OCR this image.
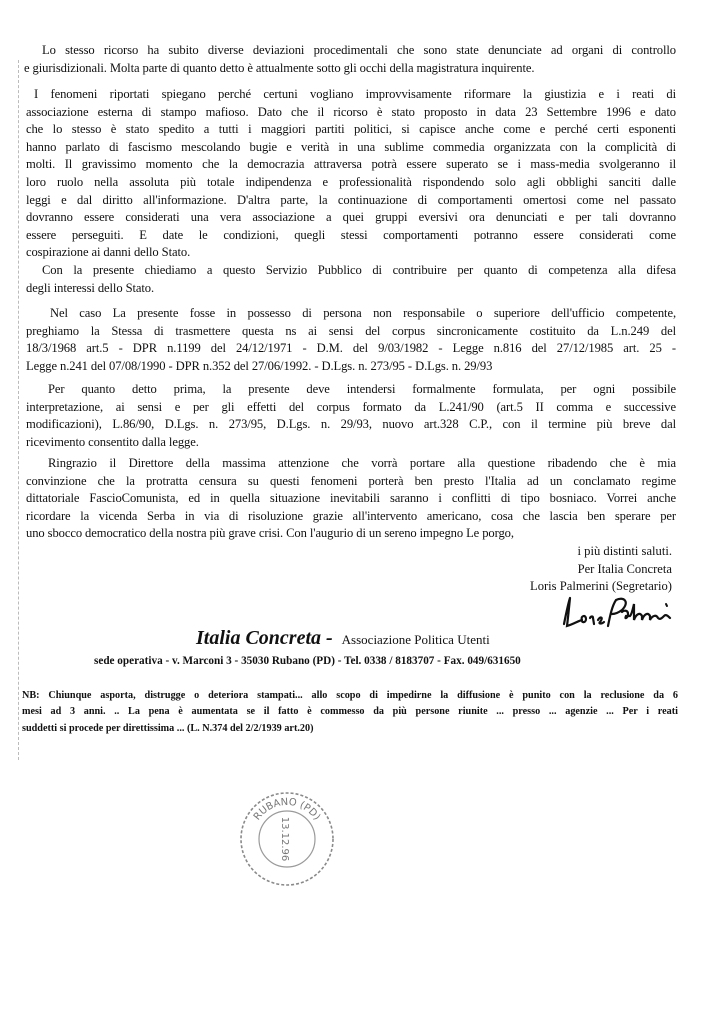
Lo stesso ricorso ha subito diverse deviazioni procedimentali che sono state denunciate ad organi di controllo
e giurisdizionali. Molta parte di quanto detto è attualmente sotto gli occhi della magistratura inquirente.
I fenomeni riportati spiegano perché certuni vogliano improvvisamente riformare la giustizia e i reati di
associazione esterna di stampo mafioso. Dato che il ricorso è stato proposto in data 23 Settembre 1996 e dato
che lo stesso è stato spedito a tutti i maggiori partiti politici, si capisce anche come e perché certi esponenti
hanno parlato di fascismo mescolando bugie e verità in una sublime commedia organizzata con la complicità di
molti. Il gravissimo momento che la democrazia attraversa potrà essere superato se i mass-media svolgeranno il
loro ruolo nella assoluta più totale indipendenza e professionalità rispondendo solo agli obblighi sanciti dalle
leggi e dal diritto all'informazione. D'altra parte, la continuazione di comportamenti omertosi come nel passato
dovranno essere considerati una vera associazione a quei gruppi eversivi ora denunciati e per tali dovranno
essere perseguiti. E date le condizioni, quegli stessi comportamenti potranno essere considerati come
cospirazione ai danni dello Stato.
Con la presente chiediamo a questo Servizio Pubblico di contribuire per quanto di competenza alla difesa
degli interessi dello Stato.
Nel caso La presente fosse in possesso di persona non responsabile o superiore dell'ufficio competente,
preghiamo la Stessa di trasmettere questa ns ai sensi del corpus sincronicamente costituito da L.n.249 del
18/3/1968 art.5 - DPR n.1199 del 24/12/1971 - D.M. del 9/03/1982 - Legge n.816 del 27/12/1985 art. 25 -
Legge n.241 del 07/08/1990 - DPR n.352 del 27/06/1992. - D.Lgs. n. 273/95 - D.Lgs. n. 29/93
Per quanto detto prima, la presente deve intendersi formalmente formulata, per ogni possibile
interpretazione, ai sensi e per gli effetti del corpus formato da L.241/90 (art.5 II comma e successive
modificazioni), L.86/90, D.Lgs. n. 273/95, D.Lgs. n. 29/93, nuovo art.328 C.P., con il termine più breve dal
ricevimento consentito dalla legge.
Ringrazio il Direttore della massima attenzione che vorrà portare alla questione ribadendo che è mia
convinzione che la protratta censura su questi fenomeni porterà ben presto l'Italia ad un conclamato regime
dittatoriale FascioComunista, ed in quella situazione inevitabili saranno i conflitti di tipo bosniaco. Vorrei anche
ricordare la vicenda Serba in via di risoluzione grazie all'intervento americano, cosa che lascia ben sperare per
uno sbocco democratico della nostra più grave crisi. Con l'augurio di un sereno impegno Le porgo,
i più distinti saluti.
Per Italia Concreta
Loris Palmerini (Segretario)
Italia Concreta - Associazione Politica Utenti
sede operativa - v. Marconi 3 - 35030 Rubano (PD) - Tel. 0338 / 8183707 - Fax. 049/631650
NB: Chiunque asporta, distrugge o deteriora stampati... allo scopo di impedirne la diffusione è punito con la reclusione da 6
mesi ad 3 anni. .. La pena è aumentata se il fatto è commesso da più persone riunite ... presso ... agenzie ... Per i reati
suddetti si procede per direttissima ... (L. N.374 del 2/2/1939 art.20)
RUBANO (PD)
13.12.96
